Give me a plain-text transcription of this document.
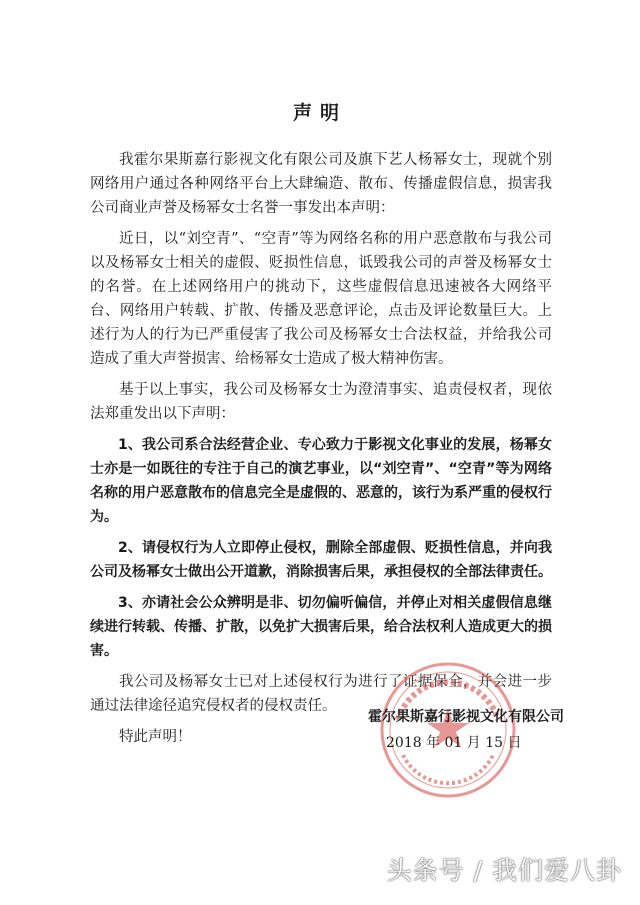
声明

我霍尔果斯嘉行影视文化有限公司及旗下艺人杨幂女士，现就个别网络用户通过各种网络平台上大肆编造、散布、传播虚假信息，损害我公司商业声誉及杨幂女士名誉一事发出本声明：

近日，以“刘空青”、“空青”等为网络名称的用户恶意散布与我公司以及杨幂女士相关的虚假、贬损性信息，诋毁我公司的声誉及杨幂女士的名誉。在上述网络用户的挑动下，这些虚假信息迅速被各大网络平台、网络用户转载、扩散、传播及恶意评论，点击及评论数量巨大。上述行为人的行为已严重侵害了我公司及杨幂女士合法权益，并给我公司造成了重大声誉损害、给杨幂女士造成了极大精神伤害。

基于以上事实，我公司及杨幂女士为澄清事实、追责侵权者，现依法郑重发出以下声明：

1、我公司系合法经营企业、专心致力于影视文化事业的发展，杨幂女士亦是一如既往的专注于自己的演艺事业，以“刘空青”、“空青”等为网络名称的用户恶意散布的信息完全是虚假的、恶意的，该行为系严重的侵权行为。

2、请侵权行为人立即停止侵权，删除全部虚假、贬损性信息，并向我公司及杨幂女士做出公开道歉，消除损害后果，承担侵权的全部法律责任。

3、亦请社会公众辨明是非、切勿偏听偏信，并停止对相关虚假信息继续进行转载、传播、扩散，以免扩大损害后果，给合法权利人造成更大的损害。

我公司及杨幂女士已对上述侵权行为进行了证据保全，并会进一步通过法律途径追究侵权者的侵权责任。

特此声明！

霍尔果斯嘉行影视文化有限公司
2018 年 01 月 15 日
头条号 / 我们爱八卦
